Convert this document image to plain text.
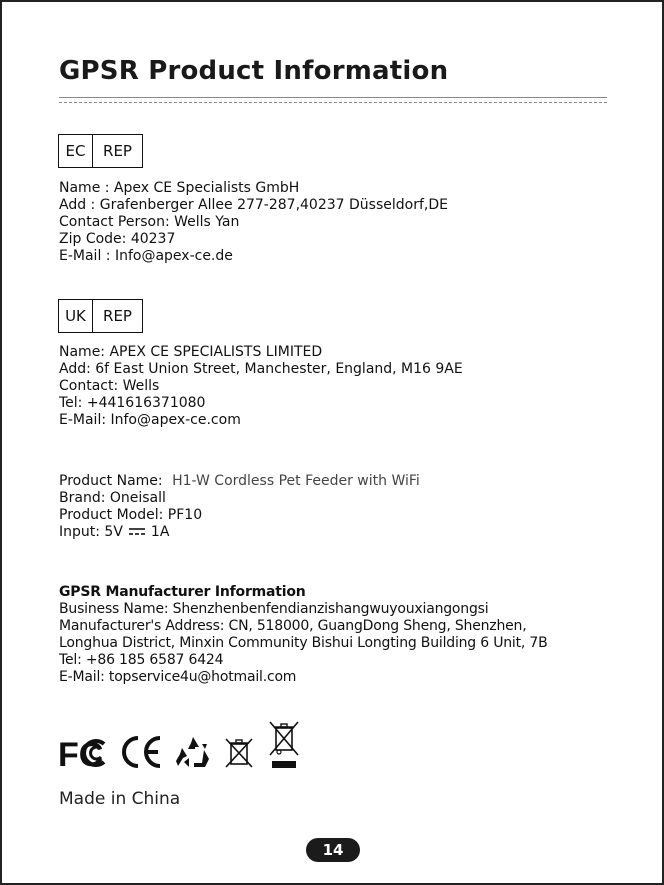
GPSR Product Information
EC	REP
Name : Apex CE Specialists GmbH
Add : Grafenberger Allee 277-287,40237 Düsseldorf,DE
Contact Person: Wells Yan
Zip Code: 40237
E-Mail : Info@apex-ce.de
UK	REP
Name: APEX CE SPECIALISTS LIMITED
Add: 6f East Union Street, Manchester, England, M16 9AE
Contact: Wells
Tel: +441616371080
E-Mail: Info@apex-ce.com
Product Name: H1-W Cordless Pet Feeder with WiFi
Brand: Oneisall
Product Model: PF10
Input: 5V 1A
GPSR Manufacturer Information
Business Name: Shenzhenbenfendianzishangwuyouxiangongsi
Manufacturer's Address: CN, 518000, GuangDong Sheng, Shenzhen,
Longhua District, Minxin Community Bishui Longting Building 6 Unit, 7B
Tel: +86 185 6587 6424
E-Mail: topservice4u@hotmail.com
FC
Made in China
14
